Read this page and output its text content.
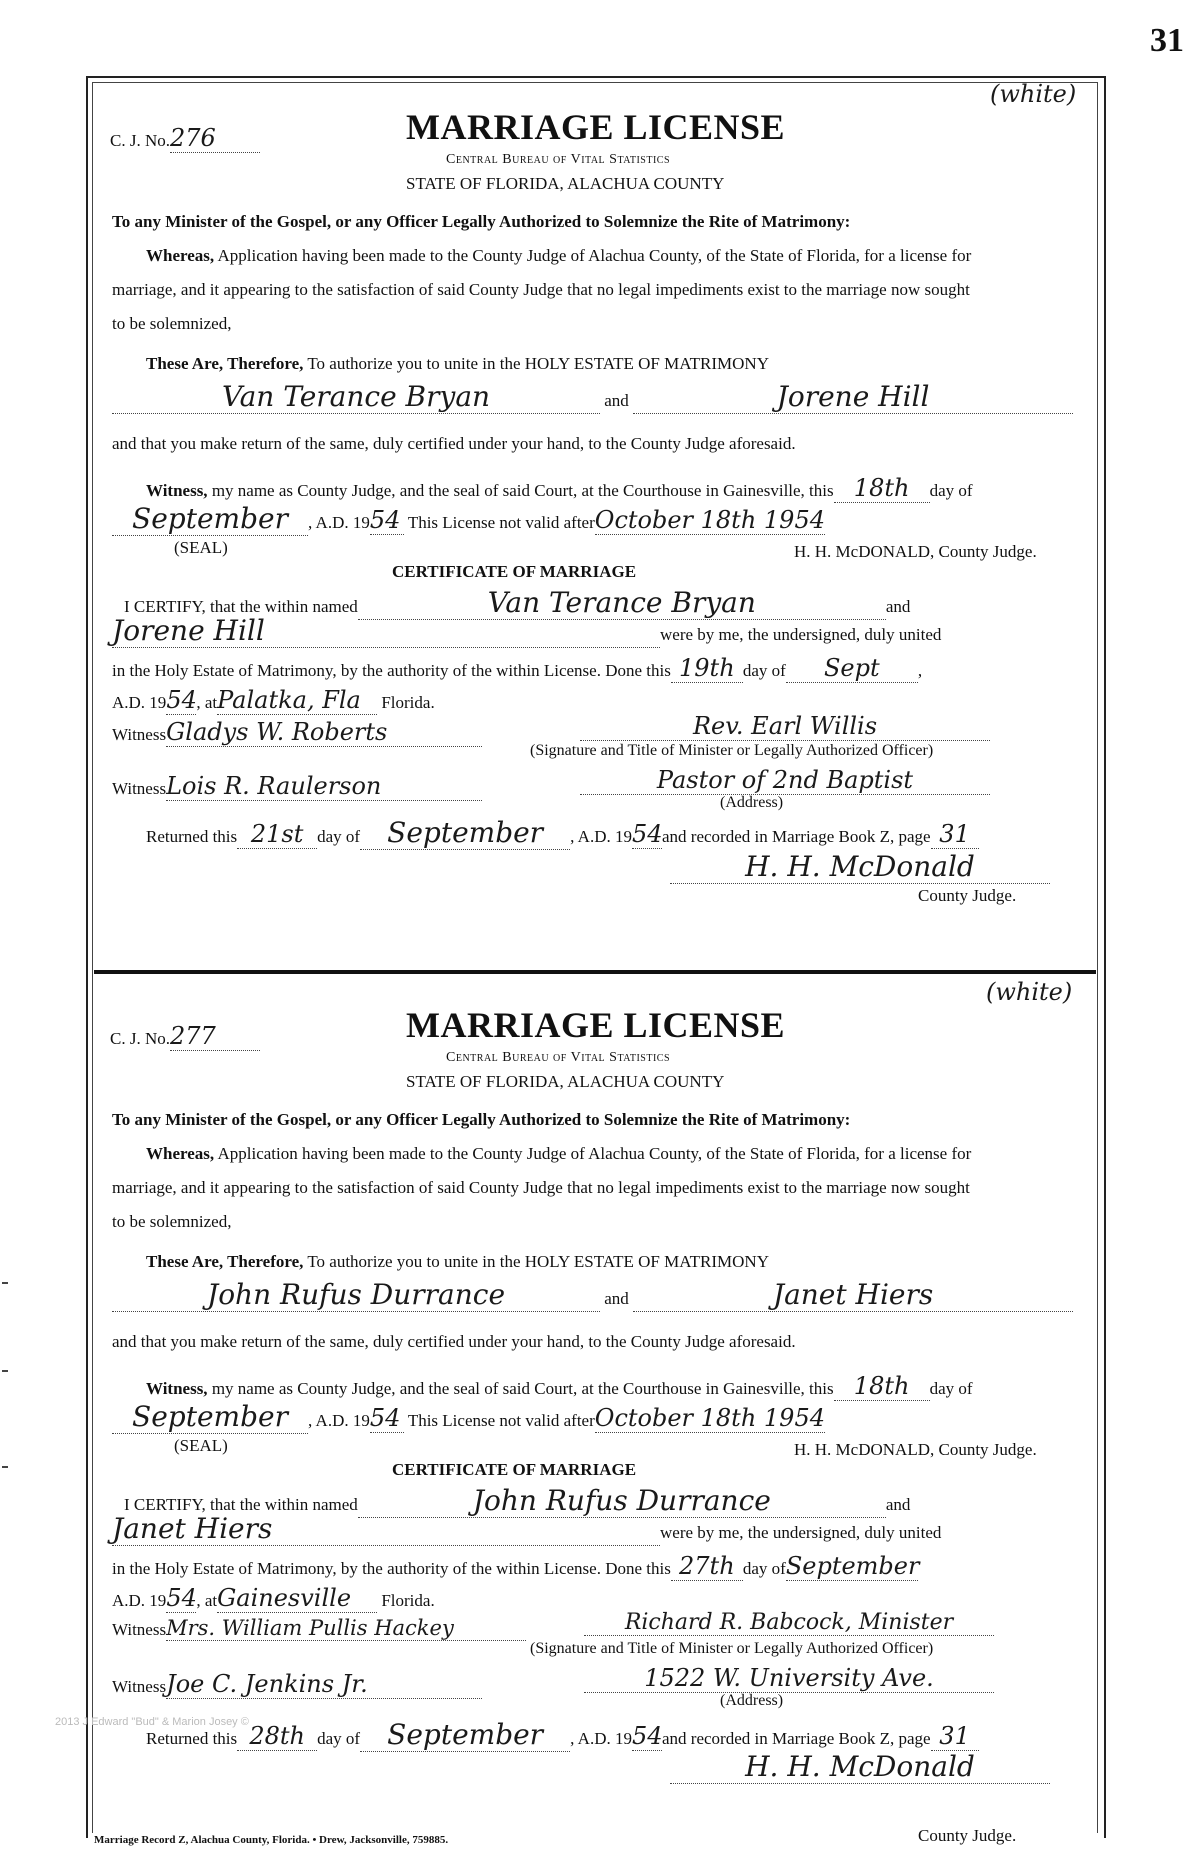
31
C. J. No.276
(white)
MARRIAGE LICENSE
Central Bureau of Vital Statistics
STATE OF FLORIDA, ALACHUA COUNTY
To any Minister of the Gospel, or any Officer Legally Authorized to Solemnize the Rite of Matrimony:
Whereas, Application having been made to the County Judge of Alachua County, of the State of Florida, for a license for
marriage, and it appearing to the satisfaction of said County Judge that no legal impediments exist to the marriage now sought
to be solemnized,
These Are, Therefore, To authorize you to unite in the HOLY ESTATE OF MATRIMONY
Van Terance Bryan	and	Jorene Hill
and that you make return of the same, duly certified under your hand, to the County Judge aforesaid.
Witness, my name as County Judge, and the seal of said Court, at the Courthouse in Gainesville, this 18th day of
September , A.D. 1954 This License not valid afterOctober 18th 1954
(SEAL)	H. H. McDONALD, County Judge.
CERTIFICATE OF MARRIAGE
I CERTIFY, that the within named	Van Terance Bryan	and
Jorene Hill	were by me, the undersigned, duly united
in the Holy Estate of Matrimony, by the authority of the within License. Done this 19th day of Sept ,
A.D. 1954, atPalatka, Fla Florida.
WitnessGladys W. Roberts	Rev. Earl Willis
(Signature and Title of Minister or Legally Authorized Officer)
WitnessLois R. Raulerson	Pastor of 2nd Baptist
(Address)
Returned this 21st day of September , A.D. 1954and recorded in Marriage Book Z, page 31
H. H. McDonald
County Judge.
C. J. No.277
(white)
MARRIAGE LICENSE
Central Bureau of Vital Statistics
STATE OF FLORIDA, ALACHUA COUNTY
To any Minister of the Gospel, or any Officer Legally Authorized to Solemnize the Rite of Matrimony:
Whereas, Application having been made to the County Judge of Alachua County, of the State of Florida, for a license for
marriage, and it appearing to the satisfaction of said County Judge that no legal impediments exist to the marriage now sought
to be solemnized,
These Are, Therefore, To authorize you to unite in the HOLY ESTATE OF MATRIMONY
John Rufus Durrance	and	Janet Hiers
and that you make return of the same, duly certified under your hand, to the County Judge aforesaid.
Witness, my name as County Judge, and the seal of said Court, at the Courthouse in Gainesville, this 18th day of
September , A.D. 1954 This License not valid afterOctober 18th 1954
(SEAL)	H. H. McDONALD, County Judge.
CERTIFICATE OF MARRIAGE
I CERTIFY, that the within named	John Rufus Durrance	and
Janet Hiers	were by me, the undersigned, duly united
in the Holy Estate of Matrimony, by the authority of the within License. Done this 27th day ofSeptember
A.D. 1954, atGainesville Florida.
WitnessMrs. William Pullis Hackey	Richard R. Babcock, Minister
(Signature and Title of Minister or Legally Authorized Officer)
WitnessJoe C. Jenkins Jr.	1522 W. University Ave.
(Address)
Returned this 28th day of September , A.D. 1954and recorded in Marriage Book Z, page 31
H. H. McDonald
County Judge.
2013 J Edward "Bud" & Marion Josey ©
Marriage Record Z, Alachua County, Florida. • Drew, Jacksonville, 759885.
